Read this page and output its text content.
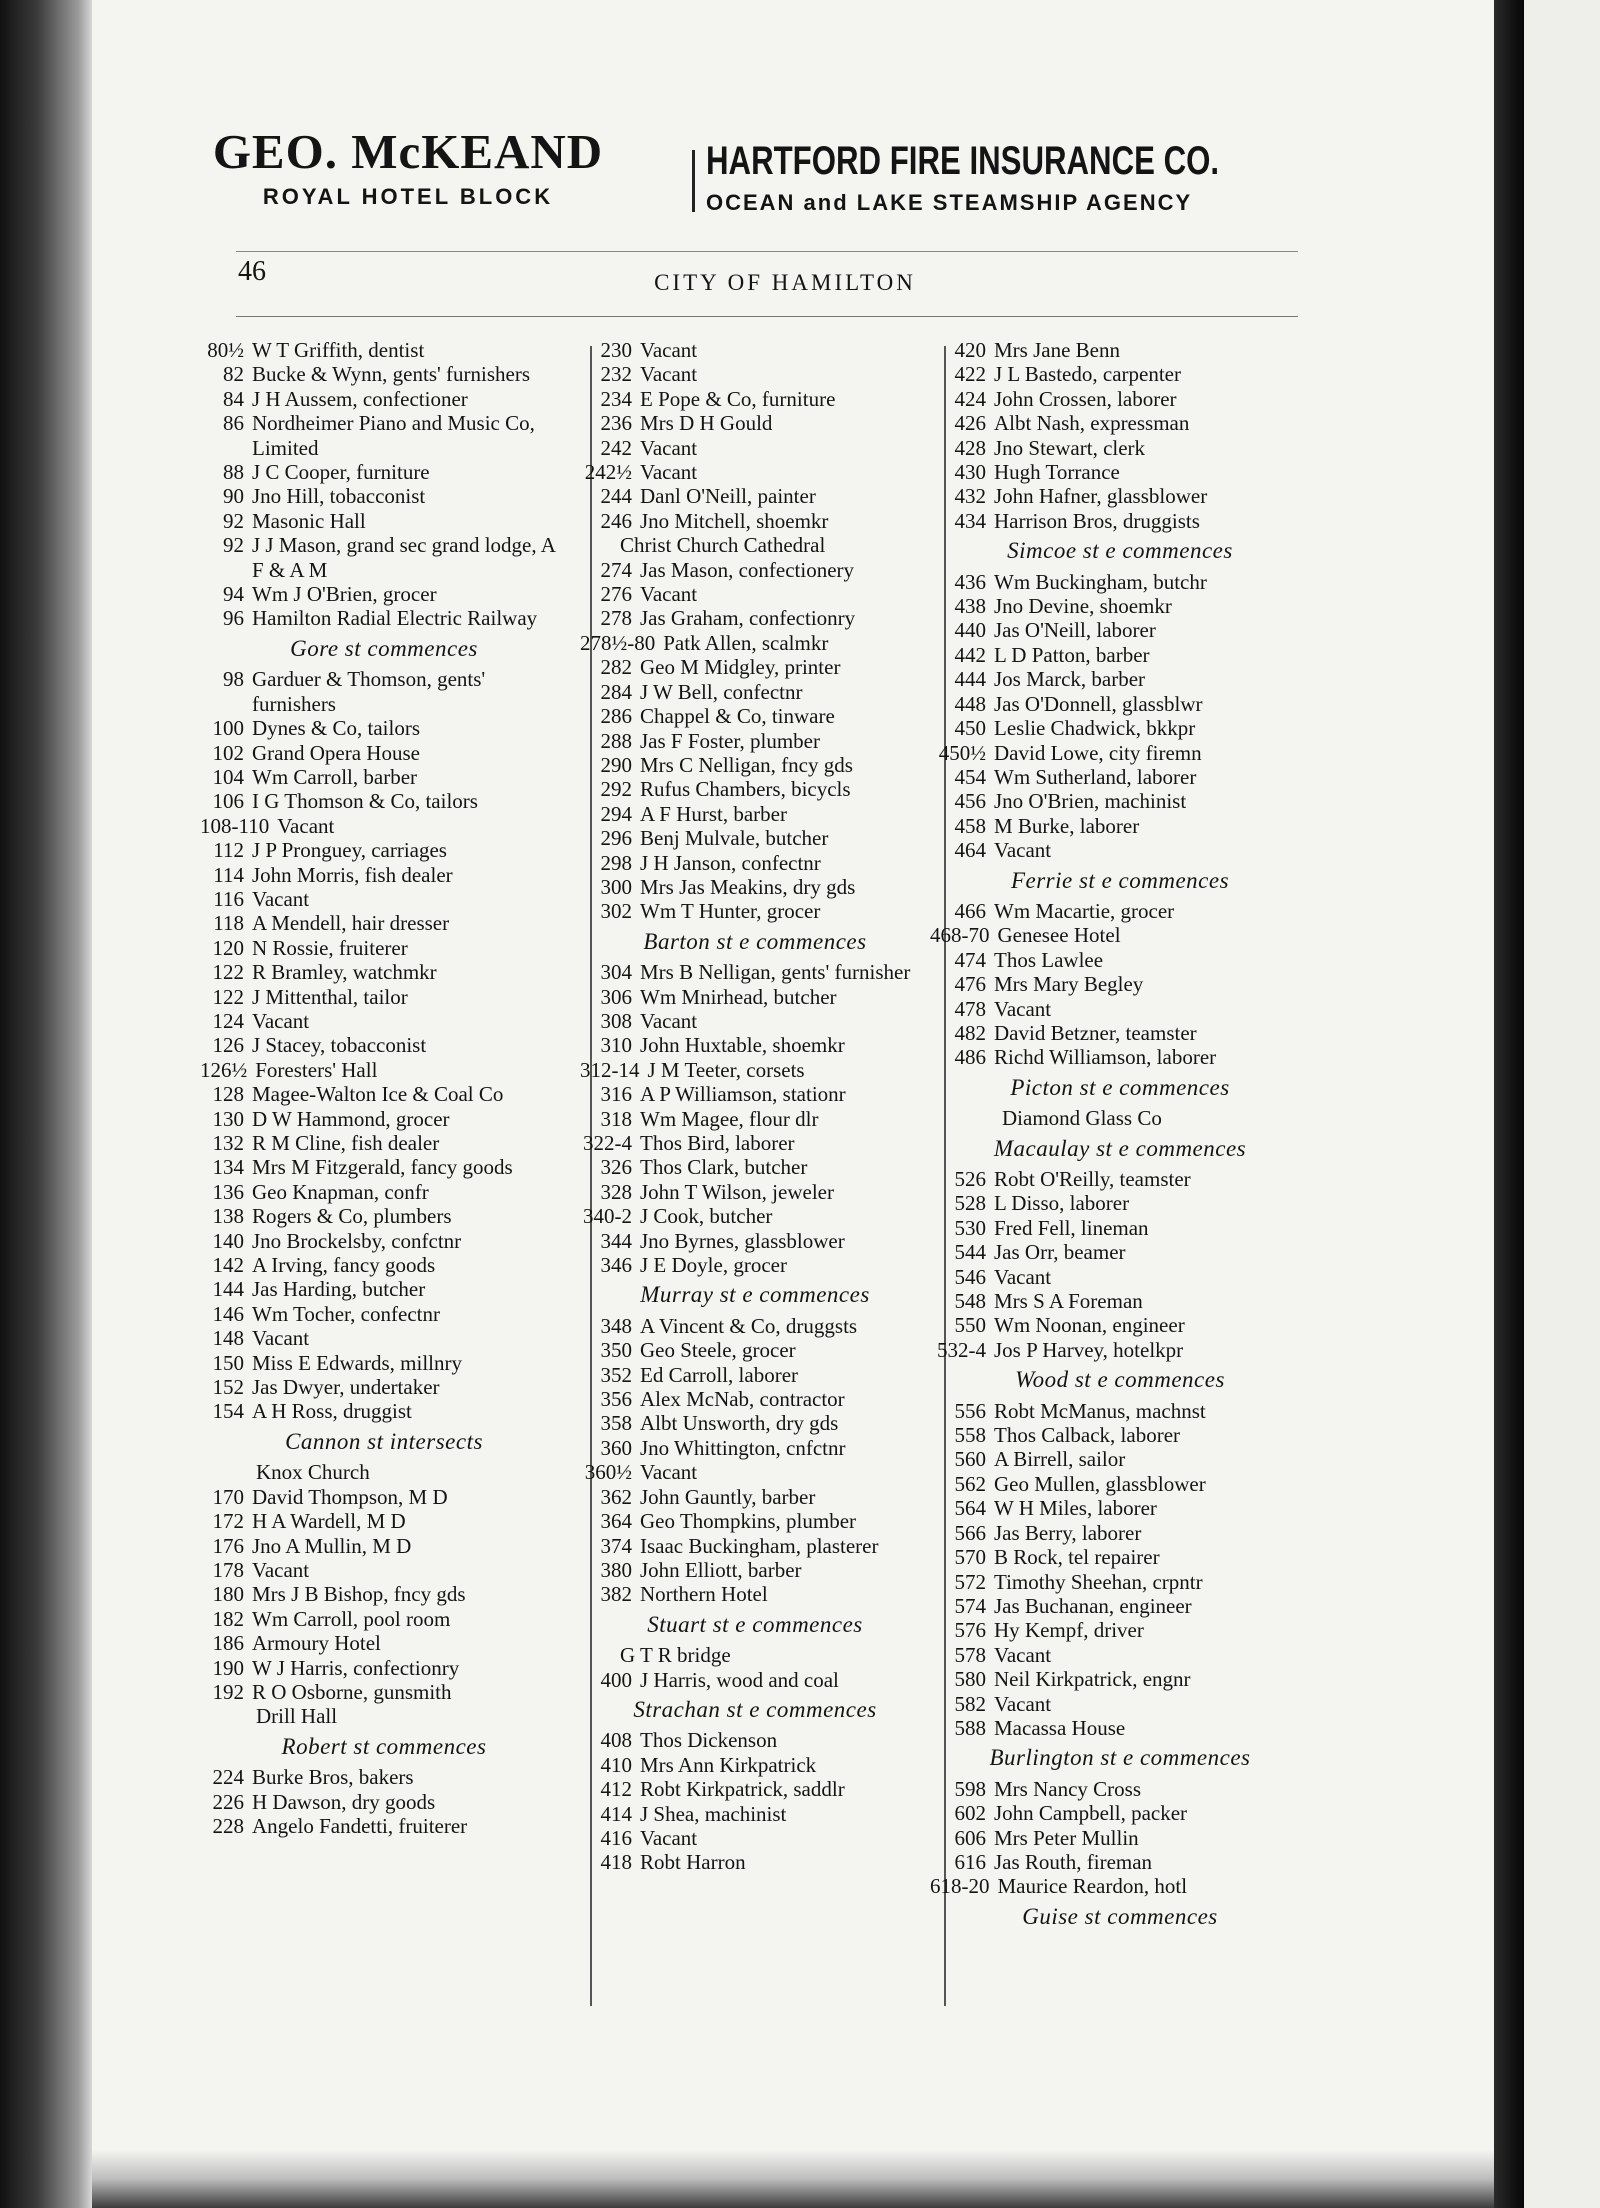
GEO. McKEAND
ROYAL HOTEL BLOCK
HARTFORD FIRE INSURANCE CO.
OCEAN and LAKE STEAMSHIP AGENCY
46	CITY OF HAMILTON
80½ W T Griffith, dentist
82 Bucke & Wynn, gents' furnishers
84 J H Aussem, confectioner
86 Nordheimer Piano and Music Co, Limited
88 J C Cooper, furniture
90 Jno Hill, tobacconist
92 Masonic Hall
92 J J Mason, grand sec grand lodge, A F & A M
94 Wm J O'Brien, grocer
96 Hamilton Radial Electric Railway
Gore st commences
98 Garduer & Thomson, gents' furnishers
100 Dynes & Co, tailors
102 Grand Opera House
104 Wm Carroll, barber
106 I G Thomson & Co, tailors
108-110 Vacant
112 J P Pronguey, carriages
114 John Morris, fish dealer
116 Vacant
118 A Mendell, hair dresser
120 N Rossie, fruiterer
122 R Bramley, watchmkr
122 J Mittenthal, tailor
124 Vacant
126 J Stacey, tobacconist
126½ Foresters' Hall
128 Magee-Walton Ice & Coal Co
130 D W Hammond, grocer
132 R M Cline, fish dealer
134 Mrs M Fitzgerald, fancy goods
136 Geo Knapman, confr
138 Rogers & Co, plumbers
140 Jno Brockelsby, confctnr
142 A Irving, fancy goods
144 Jas Harding, butcher
146 Wm Tocher, confectnr
148 Vacant
150 Miss E Edwards, millnry
152 Jas Dwyer, undertaker
154 A H Ross, druggist
Cannon st intersects
Knox Church
170 David Thompson, M D
172 H A Wardell, M D
176 Jno A Mullin, M D
178 Vacant
180 Mrs J B Bishop, fncy gds
182 Wm Carroll, pool room
186 Armoury Hotel
190 W J Harris, confectionry
192 R O Osborne, gunsmith
Drill Hall
Robert st commences
224 Burke Bros, bakers
226 H Dawson, dry goods
228 Angelo Fandetti, fruiterer
230 Vacant
232 Vacant
234 E Pope & Co, furniture
236 Mrs D H Gould
242 Vacant
242½ Vacant
244 Danl O'Neill, painter
246 Jno Mitchell, shoemkr
Christ Church Cathedral
274 Jas Mason, confectionery
276 Vacant
278 Jas Graham, confectionry
278½-80 Patk Allen, scalmkr
282 Geo M Midgley, printer
284 J W Bell, confectnr
286 Chappel & Co, tinware
288 Jas F Foster, plumber
290 Mrs C Nelligan, fncy gds
292 Rufus Chambers, bicycls
294 A F Hurst, barber
296 Benj Mulvale, butcher
298 J H Janson, confectnr
300 Mrs Jas Meakins, dry gds
302 Wm T Hunter, grocer
Barton st e commences
304 Mrs B Nelligan, gents' furnisher
306 Wm Mnirhead, butcher
308 Vacant
310 John Huxtable, shoemkr
312-14 J M Teeter, corsets
316 A P Williamson, stationr
318 Wm Magee, flour dlr
322-4 Thos Bird, laborer
326 Thos Clark, butcher
328 John T Wilson, jeweler
340-2 J Cook, butcher
344 Jno Byrnes, glassblower
346 J E Doyle, grocer
Murray st e commences
348 A Vincent & Co, druggsts
350 Geo Steele, grocer
352 Ed Carroll, laborer
356 Alex McNab, contractor
358 Albt Unsworth, dry gds
360 Jno Whittington, cnfctnr
360½ Vacant
362 John Gauntly, barber
364 Geo Thompkins, plumber
374 Isaac Buckingham, plasterer
380 John Elliott, barber
382 Northern Hotel
Stuart st e commences
G T R bridge
400 J Harris, wood and coal
Strachan st e commences
408 Thos Dickenson
410 Mrs Ann Kirkpatrick
412 Robt Kirkpatrick, saddlr
414 J Shea, machinist
416 Vacant
418 Robt Harron
420 Mrs Jane Benn
422 J L Bastedo, carpenter
424 John Crossen, laborer
426 Albt Nash, expressman
428 Jno Stewart, clerk
430 Hugh Torrance
432 John Hafner, glassblower
434 Harrison Bros, druggists
Simcoe st e commences
436 Wm Buckingham, butchr
438 Jno Devine, shoemkr
440 Jas O'Neill, laborer
442 L D Patton, barber
444 Jos Marck, barber
448 Jas O'Donnell, glassblwr
450 Leslie Chadwick, bkkpr
450½ David Lowe, city firemn
454 Wm Sutherland, laborer
456 Jno O'Brien, machinist
458 M Burke, laborer
464 Vacant
Ferrie st e commences
466 Wm Macartie, grocer
468-70 Genesee Hotel
474 Thos Lawlee
476 Mrs Mary Begley
478 Vacant
482 David Betzner, teamster
486 Richd Williamson, laborer
Picton st e commences
Diamond Glass Co
Macaulay st e commences
526 Robt O'Reilly, teamster
528 L Disso, laborer
530 Fred Fell, lineman
544 Jas Orr, beamer
546 Vacant
548 Mrs S A Foreman
550 Wm Noonan, engineer
532-4 Jos P Harvey, hotelkpr
Wood st e commences
556 Robt McManus, machnst
558 Thos Calback, laborer
560 A Birrell, sailor
562 Geo Mullen, glassblower
564 W H Miles, laborer
566 Jas Berry, laborer
570 B Rock, tel repairer
572 Timothy Sheehan, crpntr
574 Jas Buchanan, engineer
576 Hy Kempf, driver
578 Vacant
580 Neil Kirkpatrick, engnr
582 Vacant
588 Macassa House
Burlington st e commences
598 Mrs Nancy Cross
602 John Campbell, packer
606 Mrs Peter Mullin
616 Jas Routh, fireman
618-20 Maurice Reardon, hotl
Guise st commences
